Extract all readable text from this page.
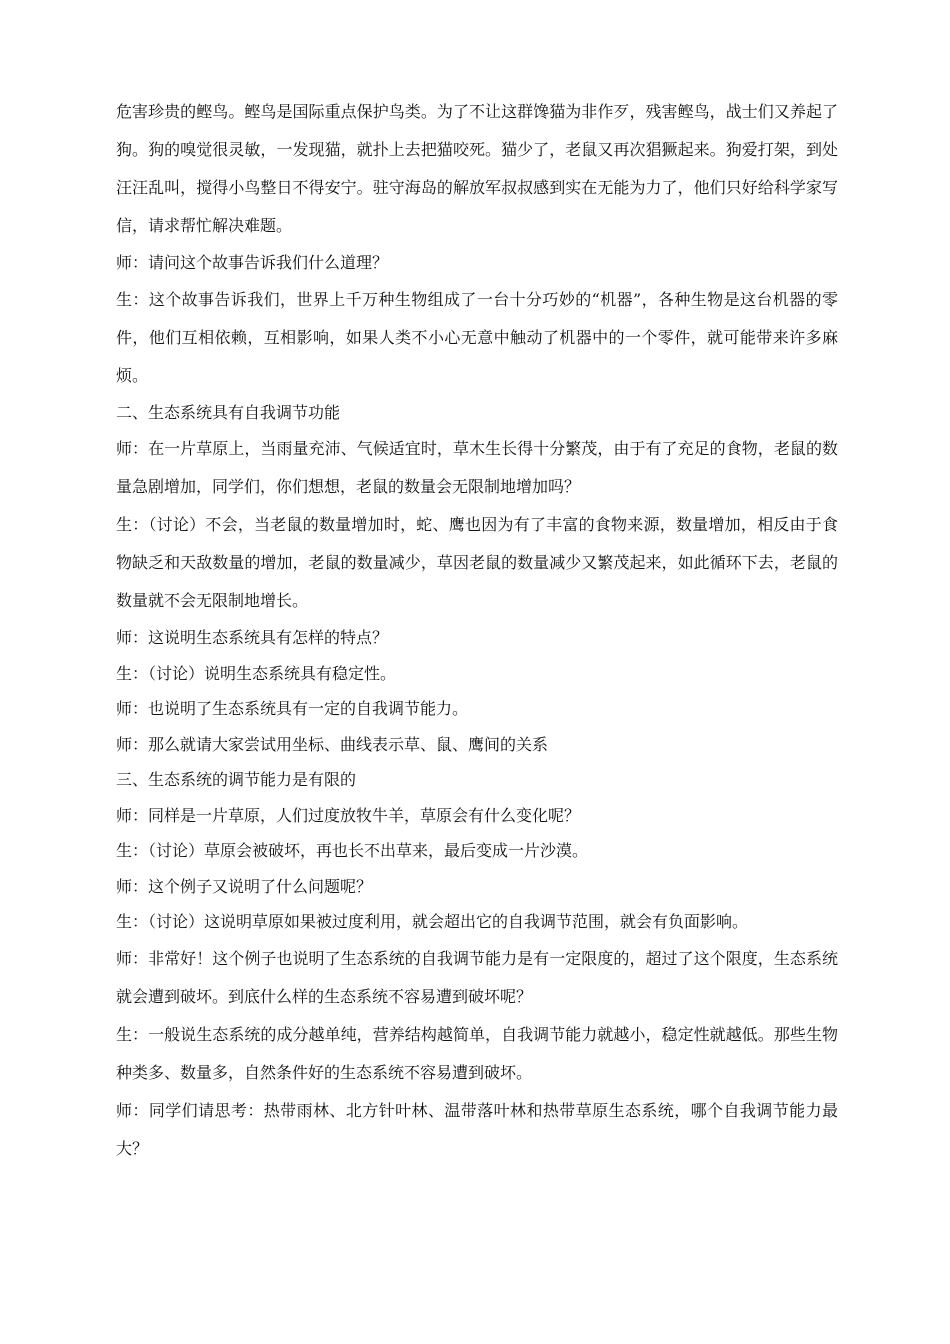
危害珍贵的鲣鸟。鲣鸟是国际重点保护鸟类。为了不让这群馋猫为非作歹，残害鲣鸟，战士们又养起了狗。狗的嗅觉很灵敏，一发现猫，就扑上去把猫咬死。猫少了，老鼠又再次猖獗起来。狗爱打架，到处汪汪乱叫，搅得小鸟整日不得安宁。驻守海岛的解放军叔叔感到实在无能为力了，他们只好给科学家写信，请求帮忙解决难题。

师：请问这个故事告诉我们什么道理？

生：这个故事告诉我们，世界上千万种生物组成了一台十分巧妙的“机器”，各种生物是这台机器的零件，他们互相依赖，互相影响，如果人类不小心无意中触动了机器中的一个零件，就可能带来许多麻烦。

二、生态系统具有自我调节功能

师：在一片草原上，当雨量充沛、气候适宜时，草木生长得十分繁茂，由于有了充足的食物，老鼠的数量急剧增加，同学们，你们想想，老鼠的数量会无限制地增加吗？

生：（讨论）不会，当老鼠的数量增加时，蛇、鹰也因为有了丰富的食物来源，数量增加，相反由于食物缺乏和天敌数量的增加，老鼠的数量减少，草因老鼠的数量减少又繁茂起来，如此循环下去，老鼠的数量就不会无限制地增长。

师：这说明生态系统具有怎样的特点？

生：（讨论）说明生态系统具有稳定性。

师：也说明了生态系统具有一定的自我调节能力。

师：那么就请大家尝试用坐标、曲线表示草、鼠、鹰间的关系

三、生态系统的调节能力是有限的

师：同样是一片草原，人们过度放牧牛羊，草原会有什么变化呢？

生：（讨论）草原会被破坏，再也长不出草来，最后变成一片沙漠。

师：这个例子又说明了什么问题呢？

生：（讨论）这说明草原如果被过度利用，就会超出它的自我调节范围，就会有负面影响。

师：非常好！这个例子也说明了生态系统的自我调节能力是有一定限度的，超过了这个限度，生态系统就会遭到破坏。到底什么样的生态系统不容易遭到破坏呢？

生：一般说生态系统的成分越单纯，营养结构越简单，自我调节能力就越小，稳定性就越低。那些生物种类多、数量多，自然条件好的生态系统不容易遭到破坏。

师：同学们请思考：热带雨林、北方针叶林、温带落叶林和热带草原生态系统，哪个自我调节能力最大？
